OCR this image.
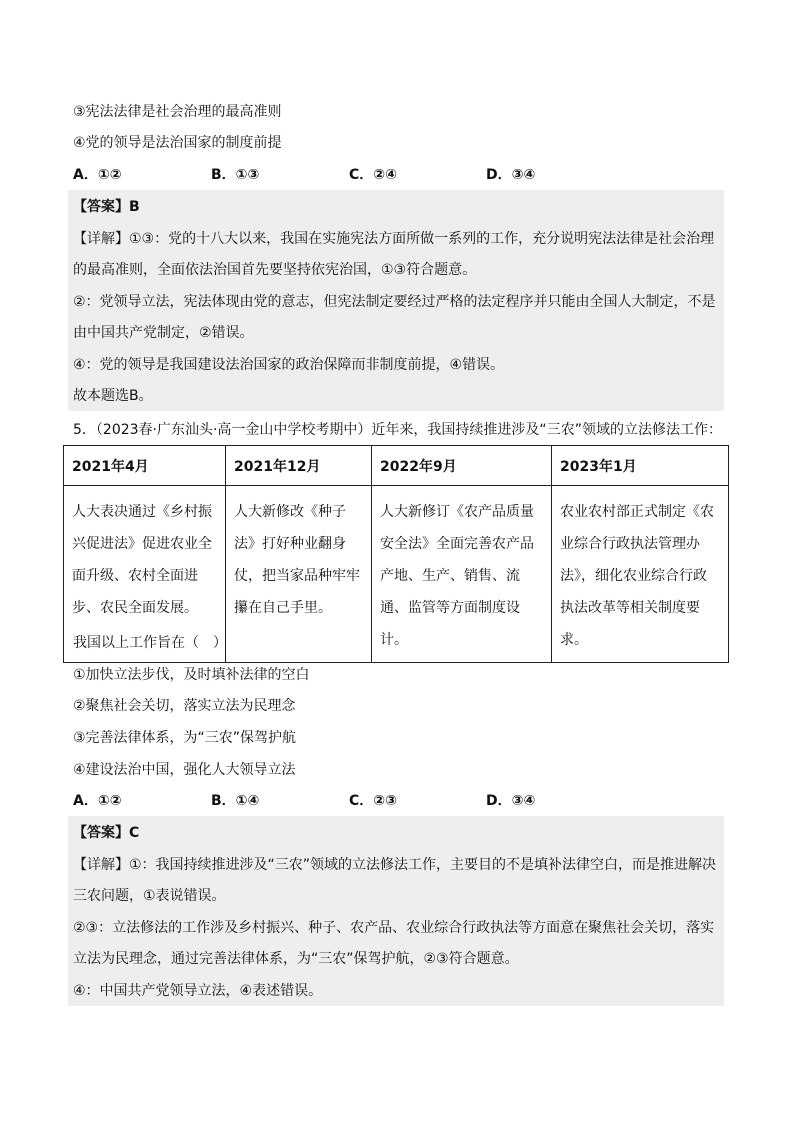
③宪法法律是社会治理的最高准则
④党的领导是法治国家的制度前提
A．①②	B．①③	C．②④	D．③④
【答案】B
【详解】①③：党的十八大以来，我国在实施宪法方面所做一系列的工作，充分说明宪法法律是社会治理
的最高准则，全面依法治国首先要坚持依宪治国，①③符合题意。
②：党领导立法，宪法体现由党的意志，但宪法制定要经过严格的法定程序并只能由全国人大制定，不是
由中国共产党制定，②错误。
④：党的领导是我国建设法治国家的政治保障而非制度前提，④错误。
故本题选B。
5．（2023春·广东汕头·高一金山中学校考期中）近年来，我国持续推进涉及“三农”领域的立法修法工作：
2021年4月	2021年12月	2022年9月	2023年1月
人大表决通过《乡村振兴促进法》促进农业全面升级、农村全面进步、农民全面发展。	人大新修改《种子法》打好种业翻身仗，把当家品种牢牢攥在自己手里。	人大新修订《农产品质量安全法》全面完善农产品产地、生产、销售、流通、监管等方面制度设计。	农业农村部正式制定《农业综合行政执法管理办法》，细化农业综合行政执法改革等相关制度要求。
我国以上工作旨在（　）
①加快立法步伐，及时填补法律的空白
②聚焦社会关切，落实立法为民理念
③完善法律体系，为“三农”保驾护航
④建设法治中国，强化人大领导立法
A．①②	B．①④	C．②③	D．③④
【答案】C
【详解】①：我国持续推进涉及“三农”领域的立法修法工作，主要目的不是填补法律空白，而是推进解决
三农问题，①表说错误。
②③：立法修法的工作涉及乡村振兴、种子、农产品、农业综合行政执法等方面意在聚焦社会关切，落实
立法为民理念，通过完善法律体系，为“三农”保驾护航，②③符合题意。
④：中国共产党领导立法，④表述错误。
